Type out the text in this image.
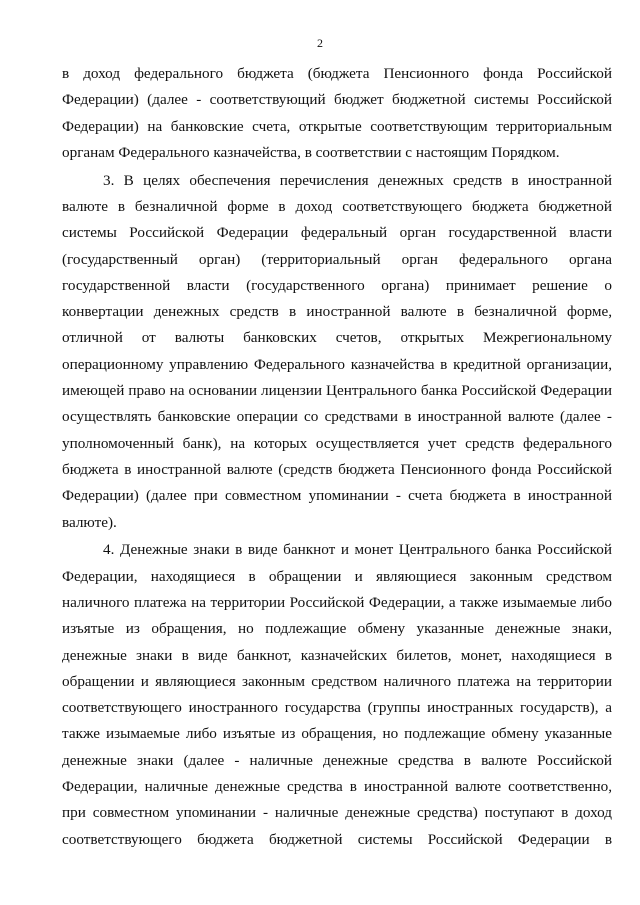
2

в доход федерального бюджета (бюджета Пенсионного фонда Российской Федерации) (далее - соответствующий бюджет бюджетной системы Российской Федерации) на банковские счета, открытые соответствующим территориальным органам Федерального казначейства, в соответствии с настоящим Порядком.

3. В целях обеспечения перечисления денежных средств в иностранной валюте в безналичной форме в доход соответствующего бюджета бюджетной системы Российской Федерации федеральный орган государственной власти (государственный орган) (территориальный орган федерального органа государственной власти (государственного органа) принимает решение о конвертации денежных средств в иностранной валюте в безналичной форме, отличной от валюты банковских счетов, открытых Межрегиональному операционному управлению Федерального казначейства в кредитной организации, имеющей право на основании лицензии Центрального банка Российской Федерации осуществлять банковские операции со средствами в иностранной валюте (далее - уполномоченный банк), на которых осуществляется учет средств федерального бюджета в иностранной валюте (средств бюджета Пенсионного фонда Российской Федерации) (далее при совместном упоминании - счета бюджета в иностранной валюте).

4. Денежные знаки в виде банкнот и монет Центрального банка Российской Федерации, находящиеся в обращении и являющиеся законным средством наличного платежа на территории Российской Федерации, а также изымаемые либо изъятые из обращения, но подлежащие обмену указанные денежные знаки, денежные знаки в виде банкнот, казначейских билетов, монет, находящиеся в обращении и являющиеся законным средством наличного платежа на территории соответствующего иностранного государства (группы иностранных государств), а также изымаемые либо изъятые из обращения, но подлежащие обмену указанные денежные знаки (далее - наличные денежные средства в валюте Российской Федерации, наличные денежные средства в иностранной валюте соответственно, при совместном упоминании - наличные денежные средства) поступают в доход соответствующего бюджета бюджетной системы Российской Федерации в
